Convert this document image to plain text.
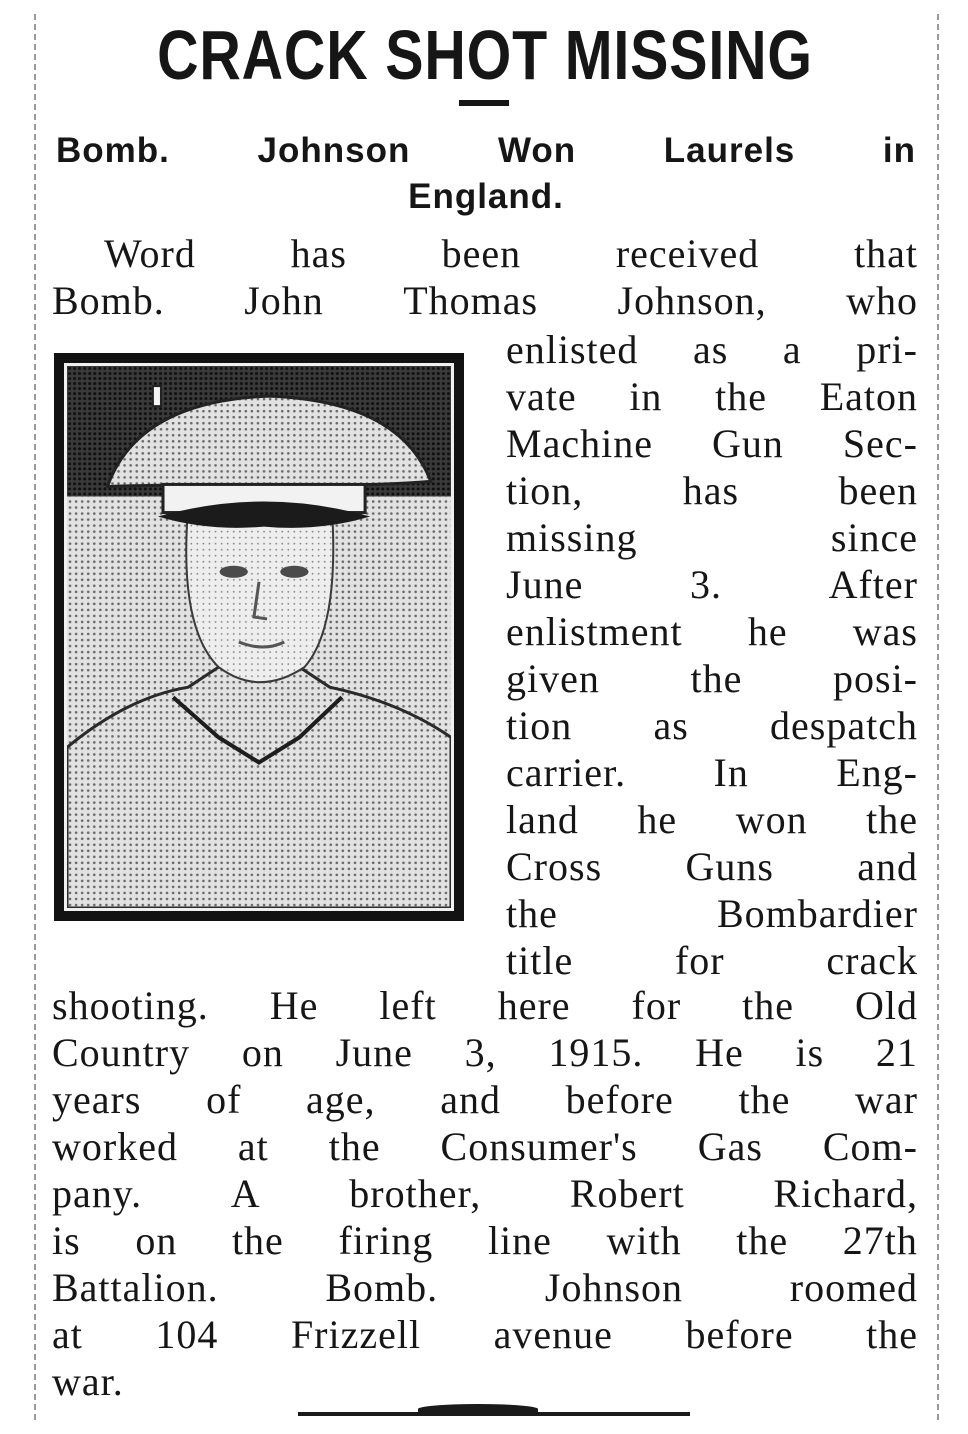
CRACK SHOT MISSING
Bomb.	Johnson	Won	Laurels	in
England.
Word has been received that
Bomb. John Thomas Johnson, who
enlisted as a pri-
vate in the Eaton
Machine Gun Sec-
tion, has been
missing	since
June	3.	After
enlistment he was
given the posi-
tion as despatch
carrier. In Eng-
land he won the
Cross Guns and
the	Bombardier
title	for	crack
shooting. He left here for the Old
Country on June 3, 1915. He is 21
years of age, and before the war
worked at the Consumer's Gas Com-
pany. A brother, Robert Richard,
is on the firing line with the 27th
Battalion.	Bomb.	Johnson	roomed
at 104 Frizzell avenue before the
war.
